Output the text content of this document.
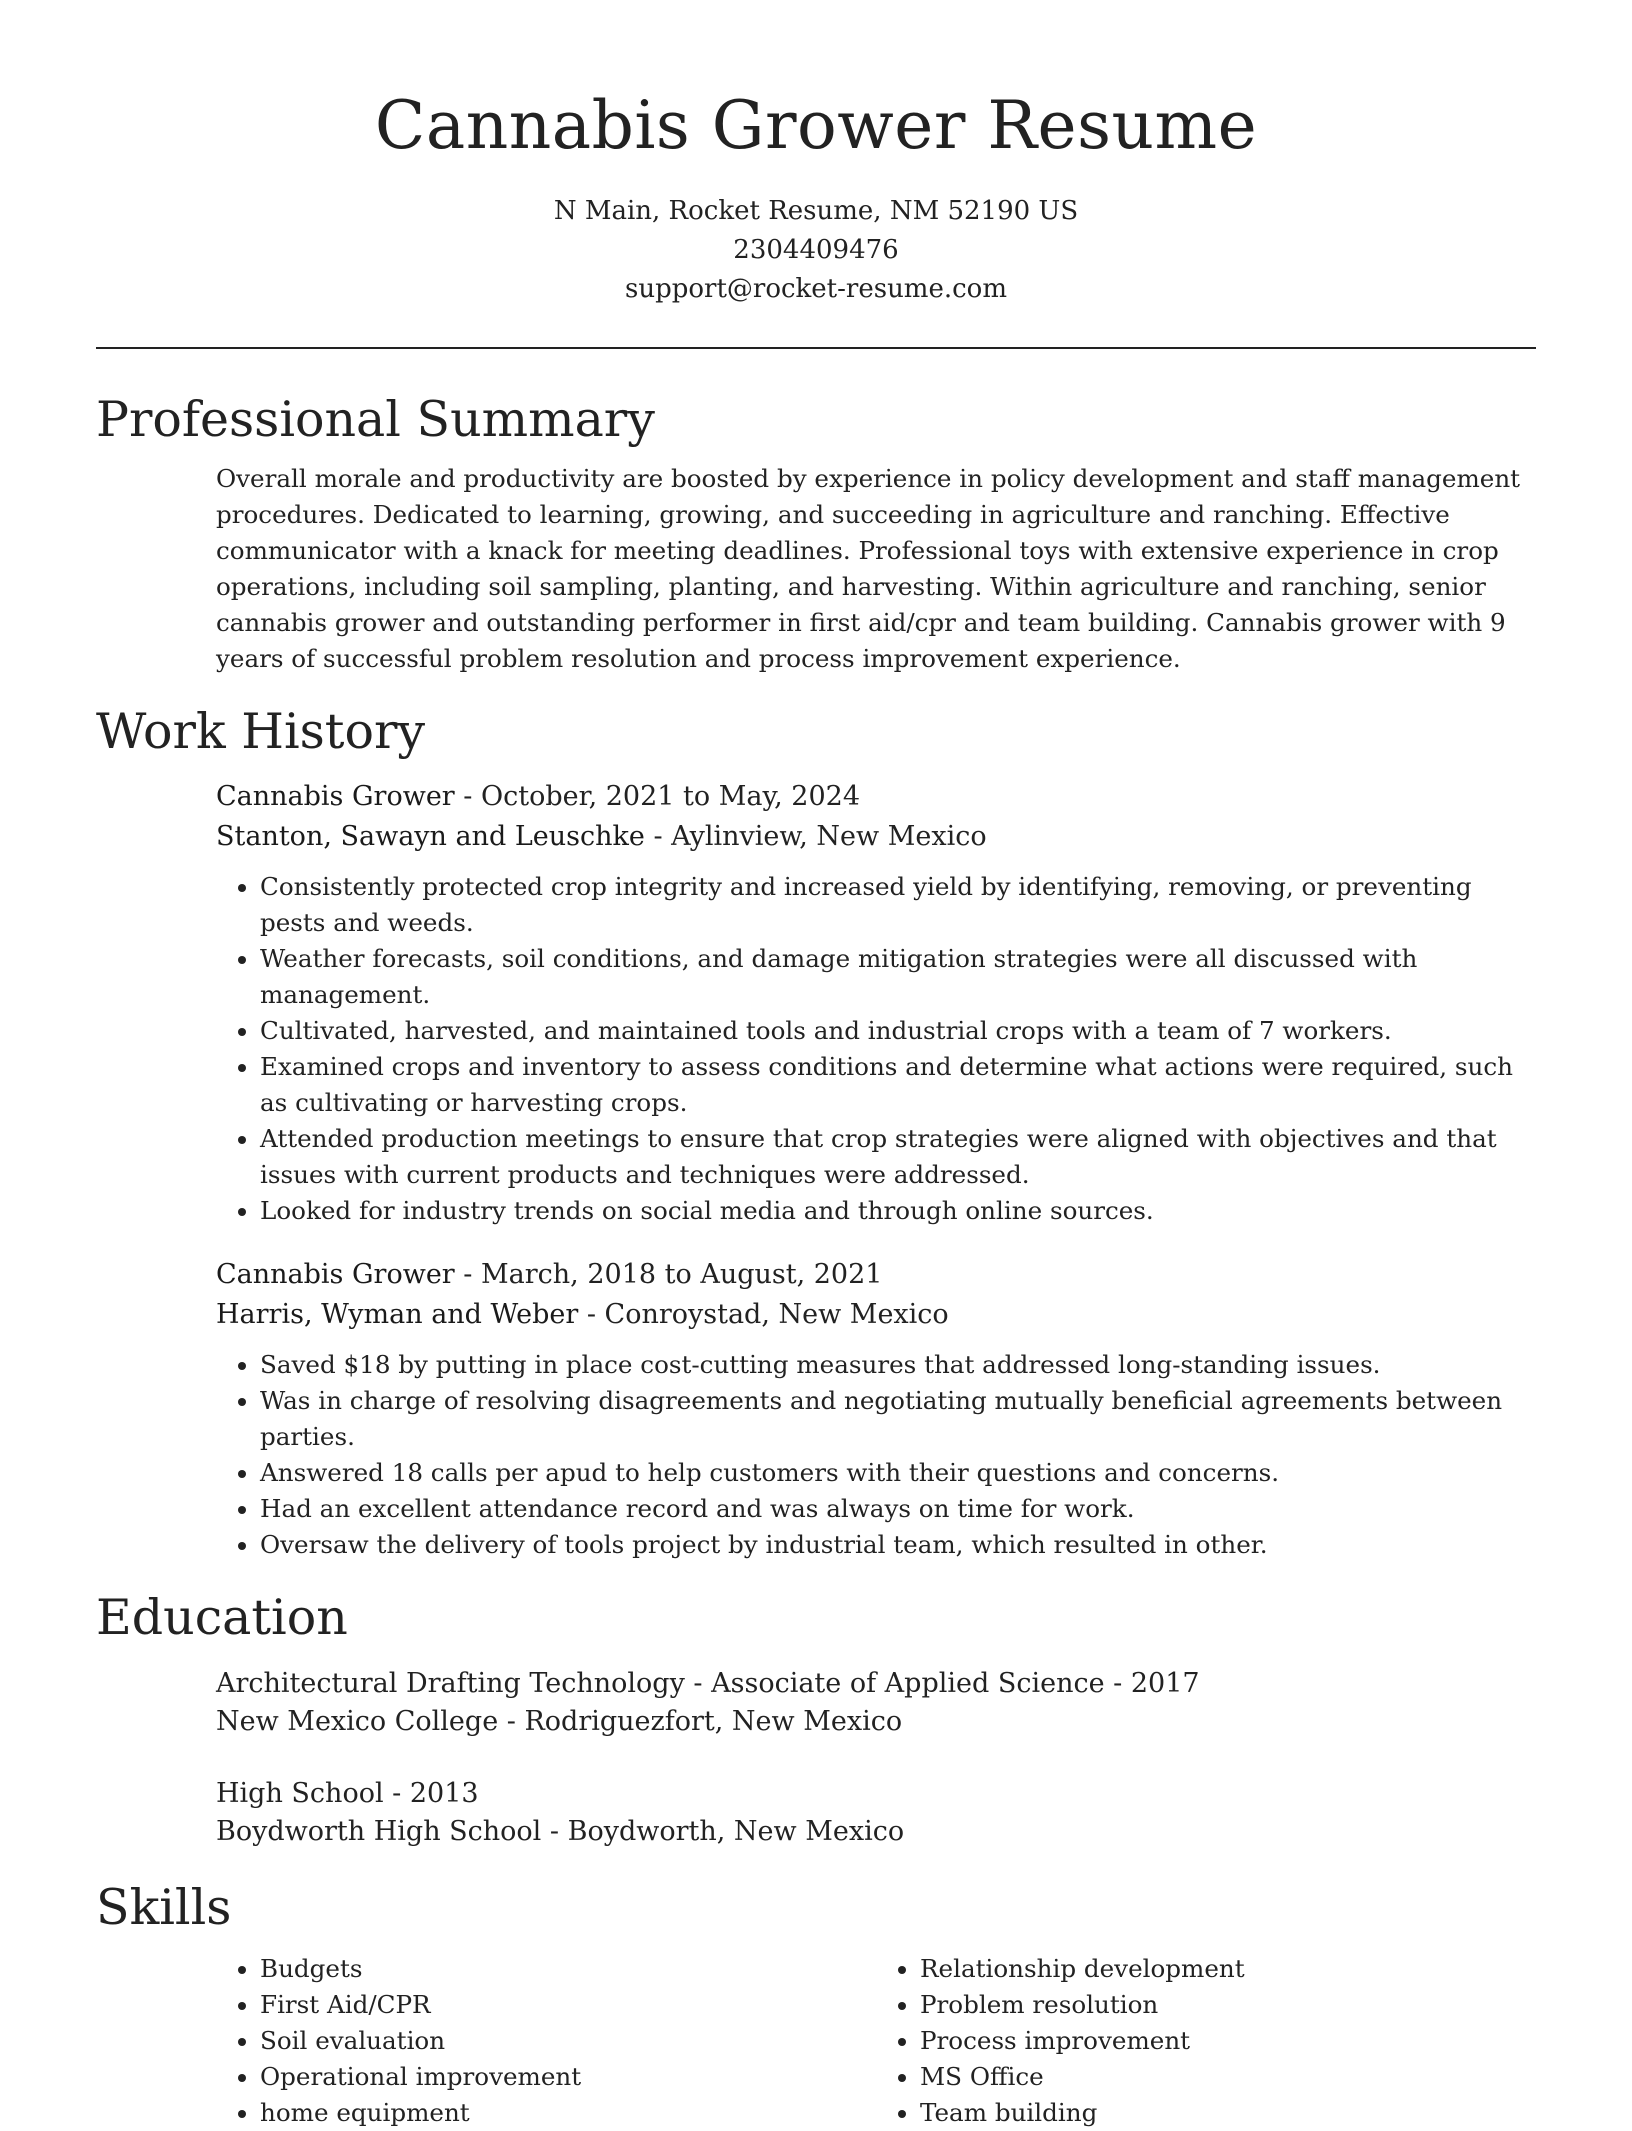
Cannabis Grower Resume
N Main, Rocket Resume, NM 52190 US
2304409476
support@rocket-resume.com
Professional Summary

Overall morale and productivity are boosted by experience in policy development and staff management procedures. Dedicated to learning, growing, and succeeding in agriculture and ranching. Effective communicator with a knack for meeting deadlines. Professional toys with extensive experience in crop operations, including soil sampling, planting, and harvesting. Within agriculture and ranching, senior cannabis grower and outstanding performer in first aid/cpr and team building. Cannabis grower with 9 years of successful problem resolution and process improvement experience.

Work History
Cannabis Grower - October, 2021 to May, 2024
Stanton, Sawayn and Leuschke - Aylinview, New Mexico
• Consistently protected crop integrity and increased yield by identifying, removing, or preventing pests and weeds.
• Weather forecasts, soil conditions, and damage mitigation strategies were all discussed with management.
• Cultivated, harvested, and maintained tools and industrial crops with a team of 7 workers.
• Examined crops and inventory to assess conditions and determine what actions were required, such as cultivating or harvesting crops.
• Attended production meetings to ensure that crop strategies were aligned with objectives and that issues with current products and techniques were addressed.
• Looked for industry trends on social media and through online sources.
Cannabis Grower - March, 2018 to August, 2021
Harris, Wyman and Weber - Conroystad, New Mexico
• Saved $18 by putting in place cost-cutting measures that addressed long-standing issues.
• Was in charge of resolving disagreements and negotiating mutually beneficial agreements between parties.
• Answered 18 calls per apud to help customers with their questions and concerns.
• Had an excellent attendance record and was always on time for work.
• Oversaw the delivery of tools project by industrial team, which resulted in other.
Education
Architectural Drafting Technology - Associate of Applied Science - 2017
New Mexico College - Rodriguezfort, New Mexico
High School - 2013
Boydworth High School - Boydworth, New Mexico
Skills
• Budgets
• First Aid/CPR
• Soil evaluation
• Operational improvement
• home equipment
• Relationship development
• Problem resolution
• Process improvement
• MS Office
• Team building
